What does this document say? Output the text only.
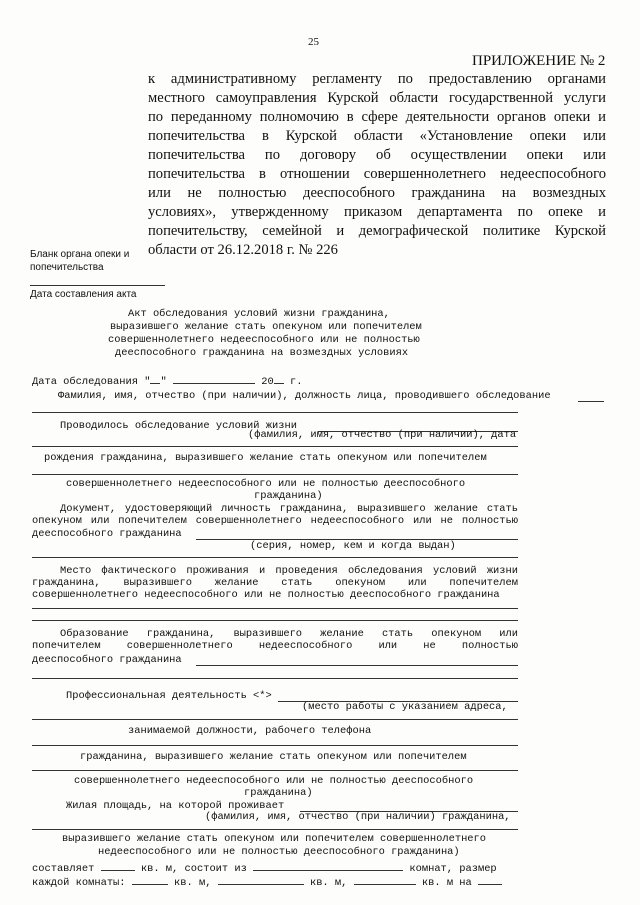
25
ПРИЛОЖЕНИЕ № 2
к административному регламенту по предоставлению органами
местного самоуправления Курской области государственной услуги
по переданному полномочию в сфере деятельности органов опеки и
попечительства в Курской области «Установление опеки или
попечительства по договору об осуществлении опеки или
попечительства в отношении совершеннолетнего недееспособного
или не полностью дееспособного гражданина на возмездных
условиях», утвержденному приказом департамента по опеке и
попечительству, семейной и демографической политике Курской
области от 26.12.2018 г. № 226
Бланк органа опеки и
попечительства
Дата составления акта
Акт обследования условий жизни гражданина,
выразившего желание стать опекуном или попечителем
совершеннолетнего недееспособного или не полностью
дееспособного гражданина на возмездных условиях
Дата обследования " "	20 г.
Фамилия, имя, отчество (при наличии), должность лица, проводившего обследование
Проводилось обследование условий жизни
(фамилия, имя, отчество (при наличии), дата
рождения гражданина, выразившего желание стать опекуном или попечителем
совершеннолетнего недееспособного или не полностью дееспособного
гражданина)
Документ, удостоверяющий личность гражданина, выразившего желание стать
опекуном или попечителем совершеннолетнего недееспособного или не полностью
дееспособного гражданина
(серия, номер, кем и когда выдан)
Место фактического проживания и проведения обследования условий жизни
гражданина, выразившего желание стать опекуном или попечителем
совершеннолетнего недееспособного или не полностью дееспособного гражданина
Образование гражданина, выразившего желание стать опекуном или
попечителем совершеннолетнего недееспособного или не полностью
дееспособного гражданина
Профессиональная деятельность <*>
(место работы с указанием адреса,
занимаемой должности, рабочего телефона
гражданина, выразившего желание стать опекуном или попечителем
совершеннолетнего недееспособного или не полностью дееспособного
гражданина)
Жилая площадь, на которой проживает
(фамилия, имя, отчество (при наличии) гражданина,
выразившего желание стать опекуном или попечителем совершеннолетнего
недееспособного или не полностью дееспособного гражданина)
составляет	кв. м, состоит из	комнат, размер
каждой комнаты:	кв. м,	кв. м,	кв. м на
